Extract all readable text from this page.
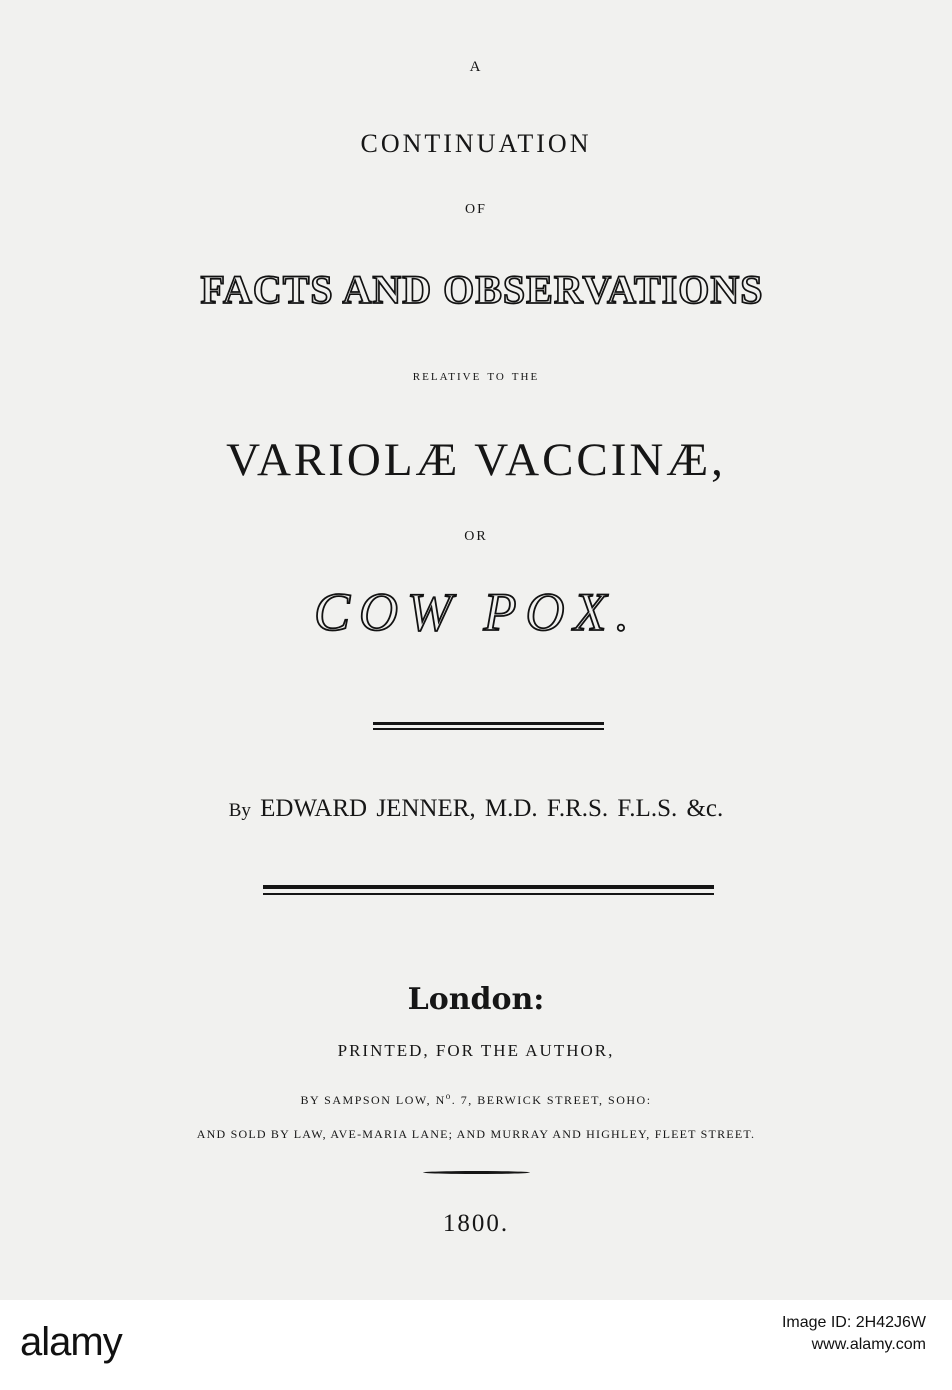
A
CONTINUATION
OF
FACTS AND OBSERVATIONS
relative to the
VARIOLÆ VACCINÆ,
OR
COW POX.
By EDWARD JENNER, M.D. F.R.S. F.L.S. &c.
London:
PRINTED, FOR THE AUTHOR,
BY SAMPSON LOW, $N^o$. 7, BERWICK STREET, SOHO:
AND SOLD BY LAW, AVE-MARIA LANE; AND MURRAY AND HIGHLEY, FLEET STREET.
1800.
alamy	Image ID: 2H42J6W
www.alamy.com
